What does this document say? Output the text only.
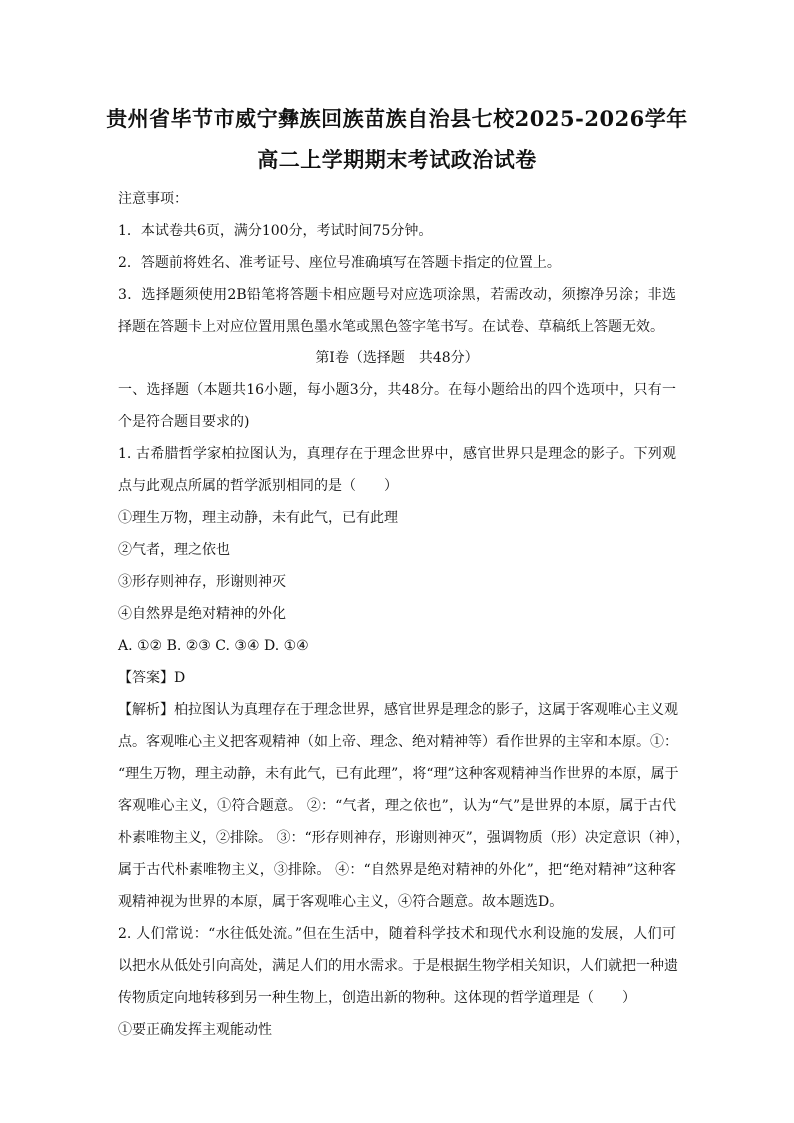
贵州省毕节市威宁彝族回族苗族自治县七校2025-2026学年
高二上学期期末考试政治试卷
注意事项：
1．本试卷共6页，满分100分，考试时间75分钟。
2．答题前将姓名、准考证号、座位号准确填写在答题卡指定的位置上。
3．选择题须使用2B铅笔将答题卡相应题号对应选项涂黑，若需改动，须擦净另涂；非选
择题在答题卡上对应位置用黑色墨水笔或黑色签字笔书写。在试卷、草稿纸上答题无效。
第Ⅰ卷（选择题　共48分）
一、选择题（本题共16小题，每小题3分，共48分。在每小题给出的四个选项中，只有一
个是符合题目要求的)
1. 古希腊哲学家柏拉图认为，真理存在于理念世界中，感官世界只是理念的影子。下列观
点与此观点所属的哲学派别相同的是（　　）
①理生万物，理主动静，未有此气，已有此理
②气者，理之依也
③形存则神存，形谢则神灭
④自然界是绝对精神的外化
A. ①② B. ②③ C. ③④ D. ①④
【答案】D
【解析】柏拉图认为真理存在于理念世界，感官世界是理念的影子，这属于客观唯心主义观
点。客观唯心主义把客观精神（如上帝、理念、绝对精神等）看作世界的主宰和本原。①：
“理生万物，理主动静，未有此气，已有此理”，将“理”这种客观精神当作世界的本原，属于
客观唯心主义，①符合题意。 ②：“气者，理之依也”，认为“气”是世界的本原，属于古代
朴素唯物主义，②排除。 ③：“形存则神存，形谢则神灭”，强调物质（形）决定意识（神），
属于古代朴素唯物主义，③排除。 ④：“自然界是绝对精神的外化”，把“绝对精神”这种客
观精神视为世界的本原，属于客观唯心主义，④符合题意。故本题选D。
2. 人们常说：“水往低处流。”但在生活中，随着科学技术和现代水利设施的发展，人们可
以把水从低处引向高处，满足人们的用水需求。于是根据生物学相关知识，人们就把一种遗
传物质定向地转移到另一种生物上，创造出新的物种。这体现的哲学道理是（　　）
①要正确发挥主观能动性
